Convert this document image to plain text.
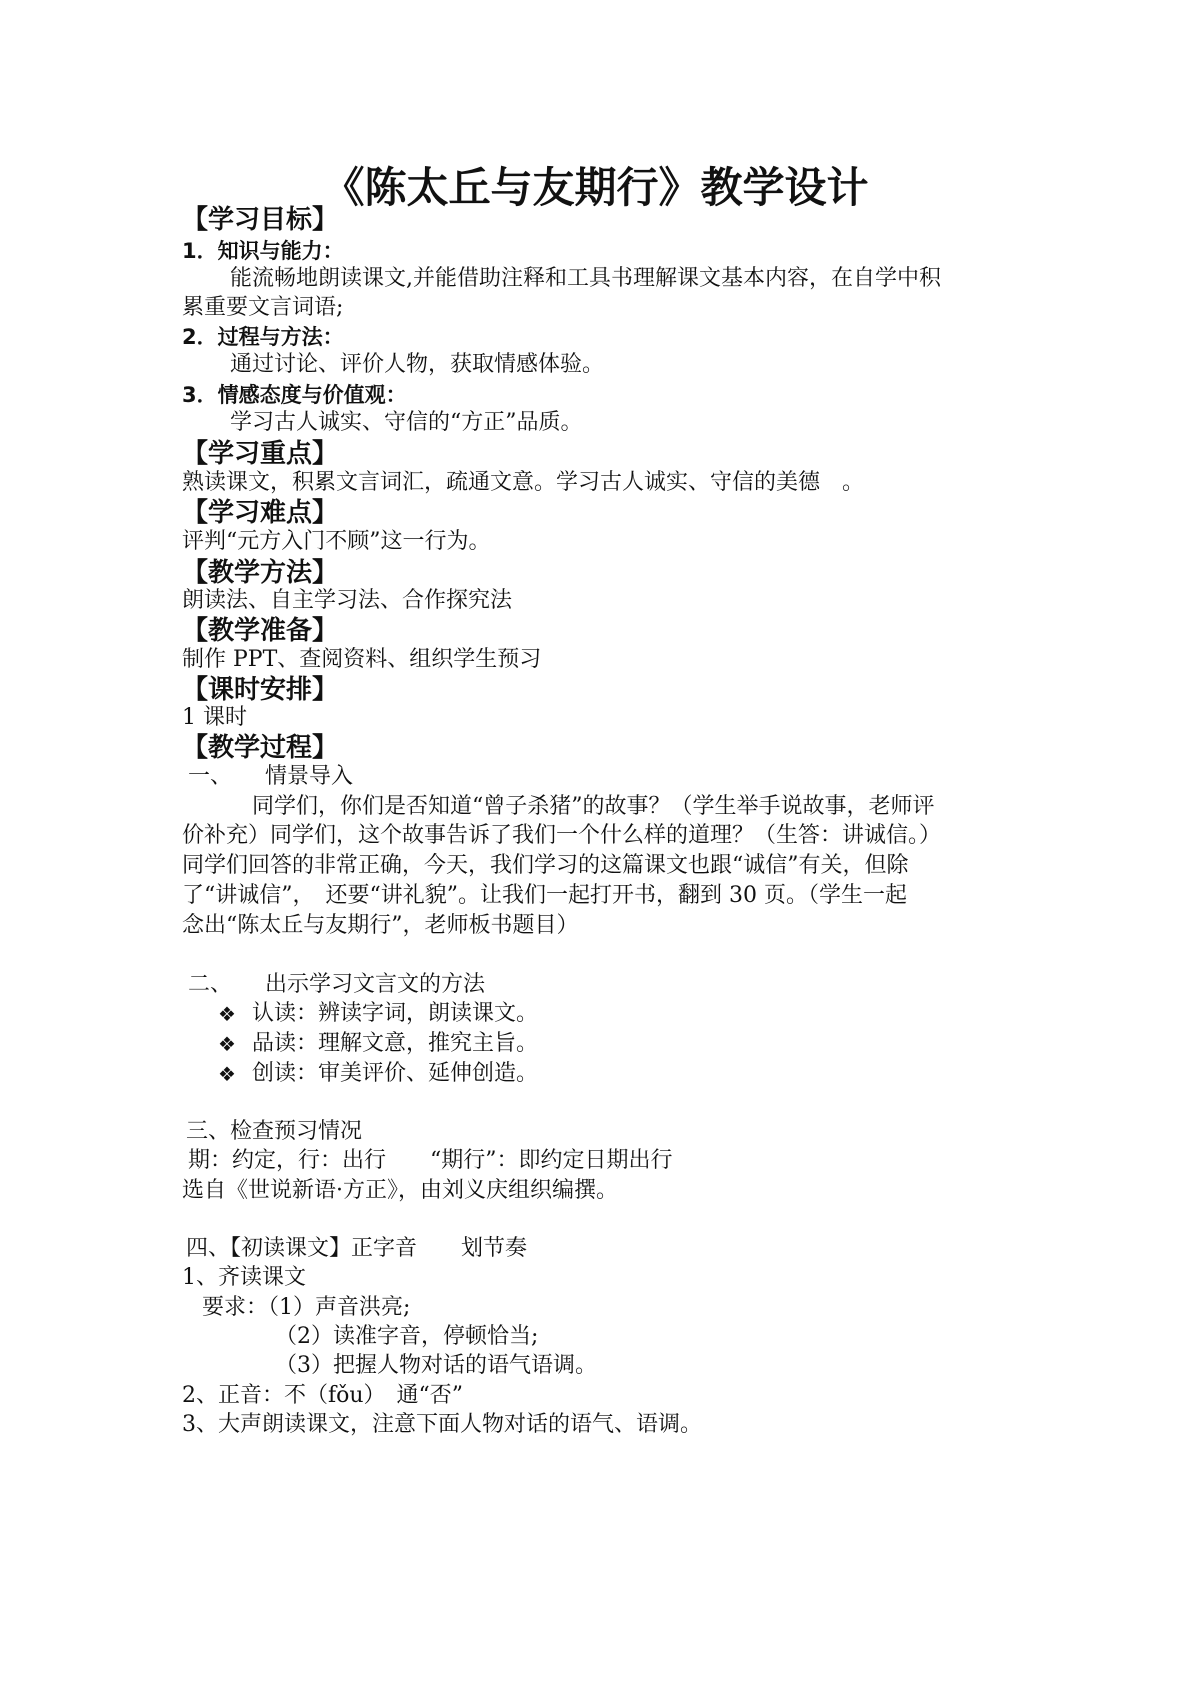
《陈太丘与友期行》教学设计
【学习目标】
1．知识与能力：
能流畅地朗读课文,并能借助注释和工具书理解课文基本内容，在自学中积
累重要文言词语;
2．过程与方法：
通过讨论、评价人物，获取情感体验。
3．情感态度与价值观：
学习古人诚实、守信的“方正”品质。
【学习重点】
熟读课文，积累文言词汇，疏通文意。学习古人诚实、守信的美德　。
【学习难点】
评判“元方入门不顾”这一行为。
【教学方法】
朗读法、自主学习法、合作探究法
【教学准备】
制作 PPT、查阅资料、组织学生预习
【课时安排】
1 课时
【教学过程】
一、　　情景导入
　同学们，你们是否知道“曾子杀猪”的故事？（学生举手说故事，老师评
价补充）同学们，这个故事告诉了我们一个什么样的道理？（生答：讲诚信。）
同学们回答的非常正确，今天，我们学习的这篇课文也跟“诚信”有关，但除
了“讲诚信”，　还要“讲礼貌”。让我们一起打开书，翻到 30 页。（学生一起
念出“陈太丘与友期行”，老师板书题目）
二、　　出示学习文言文的方法
❖ 认读：辨读字词，朗读课文。
❖ 品读：理解文意，推究主旨。
❖ 创读：审美评价、延伸创造。
三、检查预习情况
期：约定，行：出行　　“期行”：即约定日期出行
选自《世说新语·方正》，由刘义庆组织编撰。
四、【初读课文】正字音　　划节奏
1、齐读课文
要求：（1）声音洪亮;
（2）读准字音，停顿恰当;
（3）把握人物对话的语气语调。
2、正音：不（fǒu）　通“否”
3、大声朗读课文，注意下面人物对话的语气、语调。
